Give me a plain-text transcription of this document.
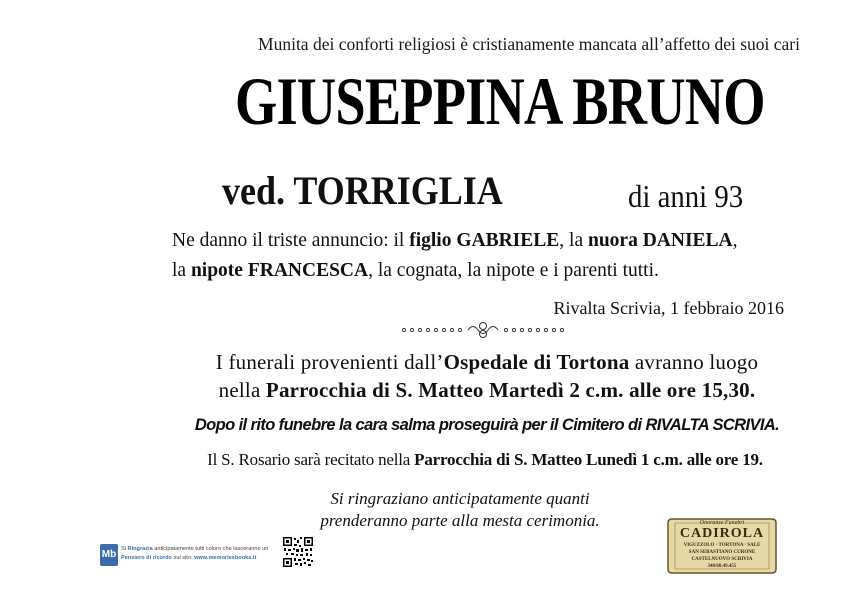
Munita dei conforti religiosi è cristianamente mancata all’affetto dei suoi cari
GIUSEPPINA BRUNO
ved. TORRIGLIA	di anni 93
Ne danno il triste annuncio: il figlio GABRIELE, la nuora DANIELA,
la nipote FRANCESCA, la cognata, la nipote e i parenti tutti.
Rivalta Scrivia, 1 febbraio 2016
I funerali provenienti dall’Ospedale di Tortona avranno luogo
nella Parrocchia di S. Matteo Martedì 2 c.m. alle ore 15,30.
Dopo il rito funebre la cara salma proseguirà per il Cimitero di RIVALTA SCRIVIA.
Il S. Rosario sarà recitato nella Parrocchia di S. Matteo Lunedì 1 c.m. alle ore 19.
Si ringraziano anticipatamente quanti
prenderanno parte alla mesta cerimonia.
Mb Si Ringrazia anticipatamente tutti coloro che lasceranno un
Pensiero di ricordo sul sito: www.memoriesbooks.it
Onoranze Funebri
CADIROLA
VIGUZZOLO · TORTONA · SALE
SAN SEBASTIANO CURONE
CASTELNUOVO SCRIVIA
340/68.49.455
